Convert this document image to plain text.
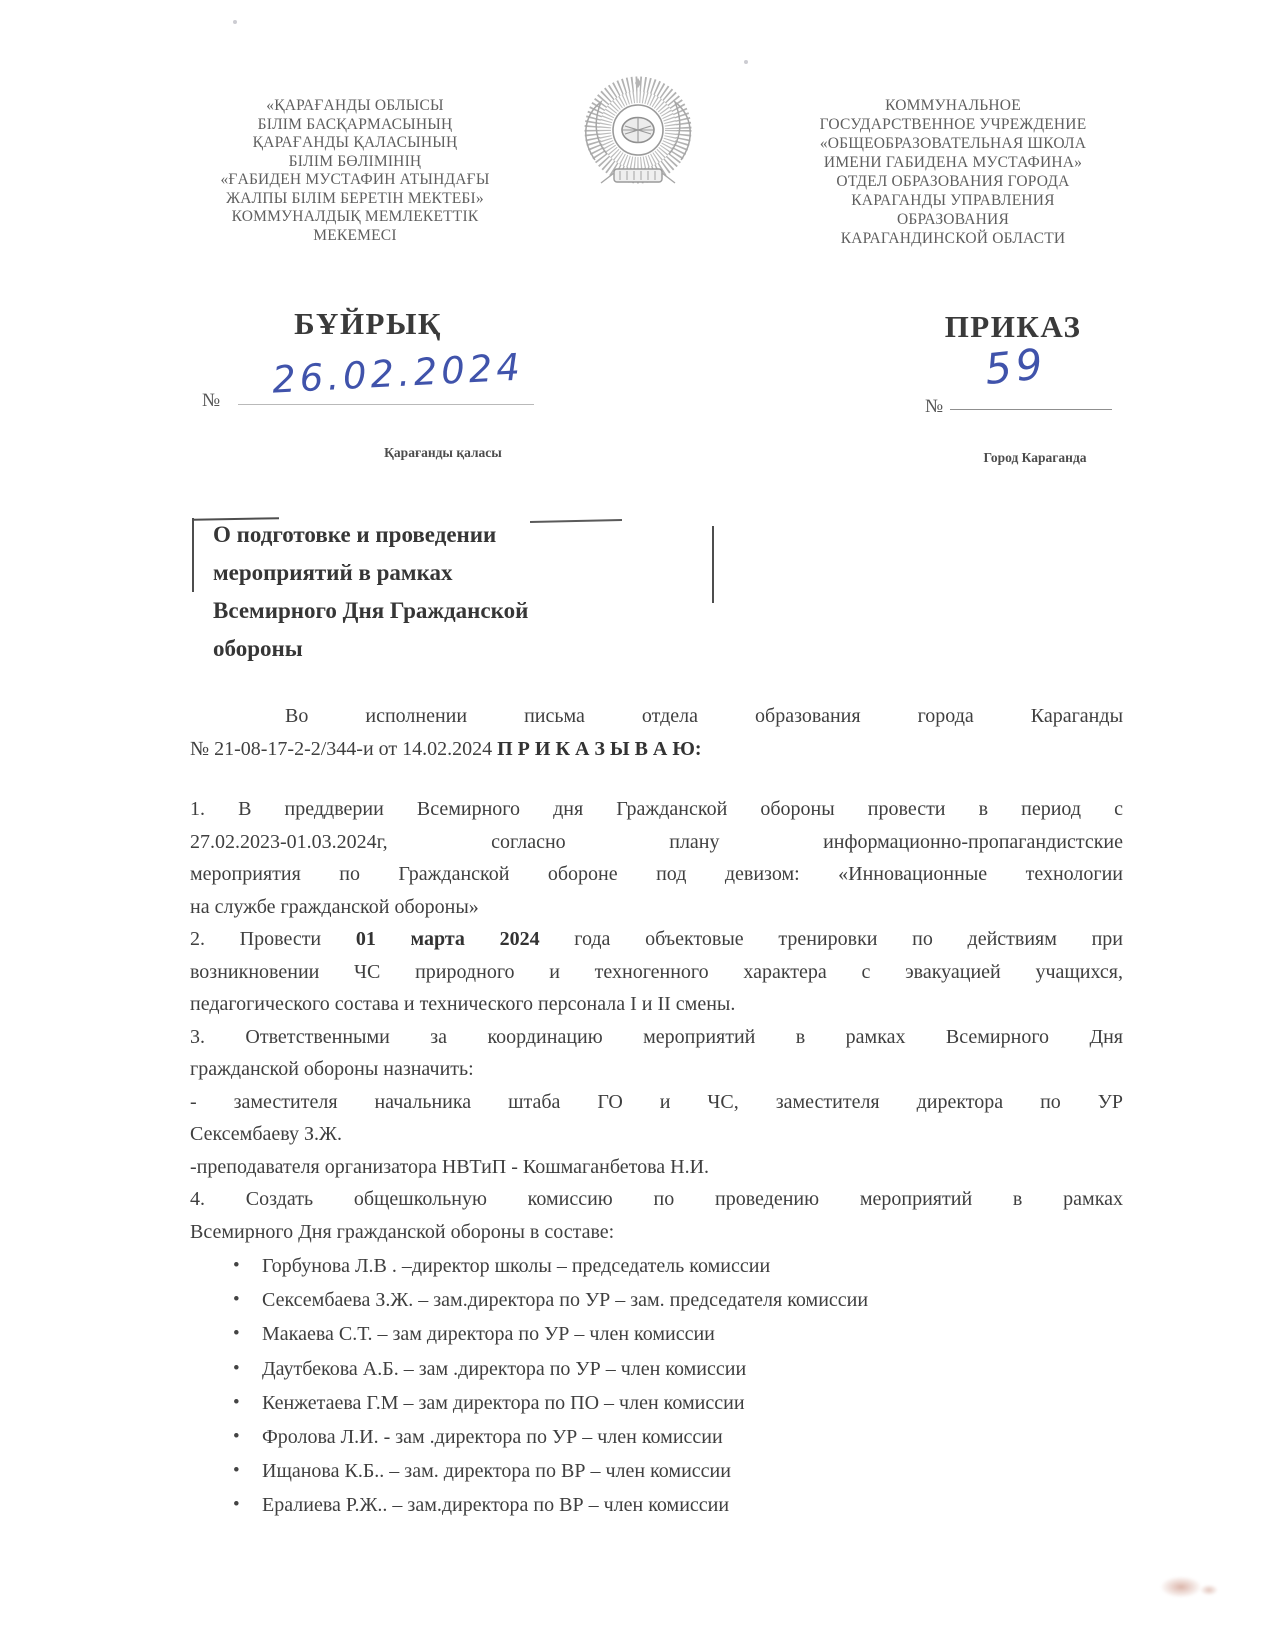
«ҚАРАҒАНДЫ ОБЛЫСЫ
БІЛІМ БАСҚАРМАСЫНЫҢ
ҚАРАҒАНДЫ ҚАЛАСЫНЫҢ
БІЛІМ БӨЛІМІНІҢ
«ҒАБИДЕН МУСТАФИН АТЫНДАҒЫ
ЖАЛПЫ БІЛІМ БЕРЕТІН МЕКТЕБІ»
КОММУНАЛДЫҚ МЕМЛЕКЕТТІК
МЕКЕМЕСІ
КОММУНАЛЬНОЕ
ГОСУДАРСТВЕННОЕ УЧРЕЖДЕНИЕ
«ОБЩЕОБРАЗОВАТЕЛЬНАЯ ШКОЛА
ИМЕНИ ГАБИДЕНА МУСТАФИНА»
ОТДЕЛ ОБРАЗОВАНИЯ ГОРОДА
КАРАГАНДЫ УПРАВЛЕНИЯ
ОБРАЗОВАНИЯ
КАРАГАНДИНСКОЙ ОБЛАСТИ
БҰЙРЫҚ	ПРИКАЗ
№ 26.02.2024
№
59
Қарағанды қаласы	Город Караганда
О подготовке и проведении
мероприятий в рамках
Всемирного Дня Гражданской
обороны
Во исполнении письма отдела образования города Караганды
№ 21-08-17-2-2/344-и от 14.02.2024 П Р И К А З Ы В А Ю:
1. В преддверии Всемирного дня Гражданской обороны провести в период с
27.02.2023-01.03.2024г, согласно плану информационно-пропагандистские
мероприятия по Гражданской обороне под девизом: «Инновационные технологии
на службе гражданской обороны»
2. Провести 01 марта 2024 года объектовые тренировки по действиям при
возникновении ЧС природного и техногенного характера с эвакуацией учащихся,
педагогического состава и технического персонала I и II смены.
3. Ответственными за координацию мероприятий в рамках Всемирного Дня
гражданской обороны назначить:
- заместителя начальника штаба ГО и ЧС, заместителя директора по УР
Сексембаеву З.Ж.
-преподавателя организатора НВТиП - Кошмаганбетова Н.И.
4. Создать общешкольную комиссию по проведению мероприятий в рамках
Всемирного Дня гражданской обороны в составе:
•	Горбунова Л.В . –директор школы – председатель комиссии
•	Сексембаева З.Ж. – зам.директора по УР – зам. председателя комиссии
•	Макаева С.Т. – зам директора по УР – член комиссии
•	Даутбекова А.Б. – зам .директора по УР – член комиссии
•	Кенжетаева Г.М – зам директора по ПО – член комиссии
•	Фролова Л.И. - зам .директора по УР – член комиссии
•	Ищанова К.Б.. – зам. директора по ВР – член комиссии
•	Ералиева Р.Ж.. – зам.директора по ВР – член комиссии
